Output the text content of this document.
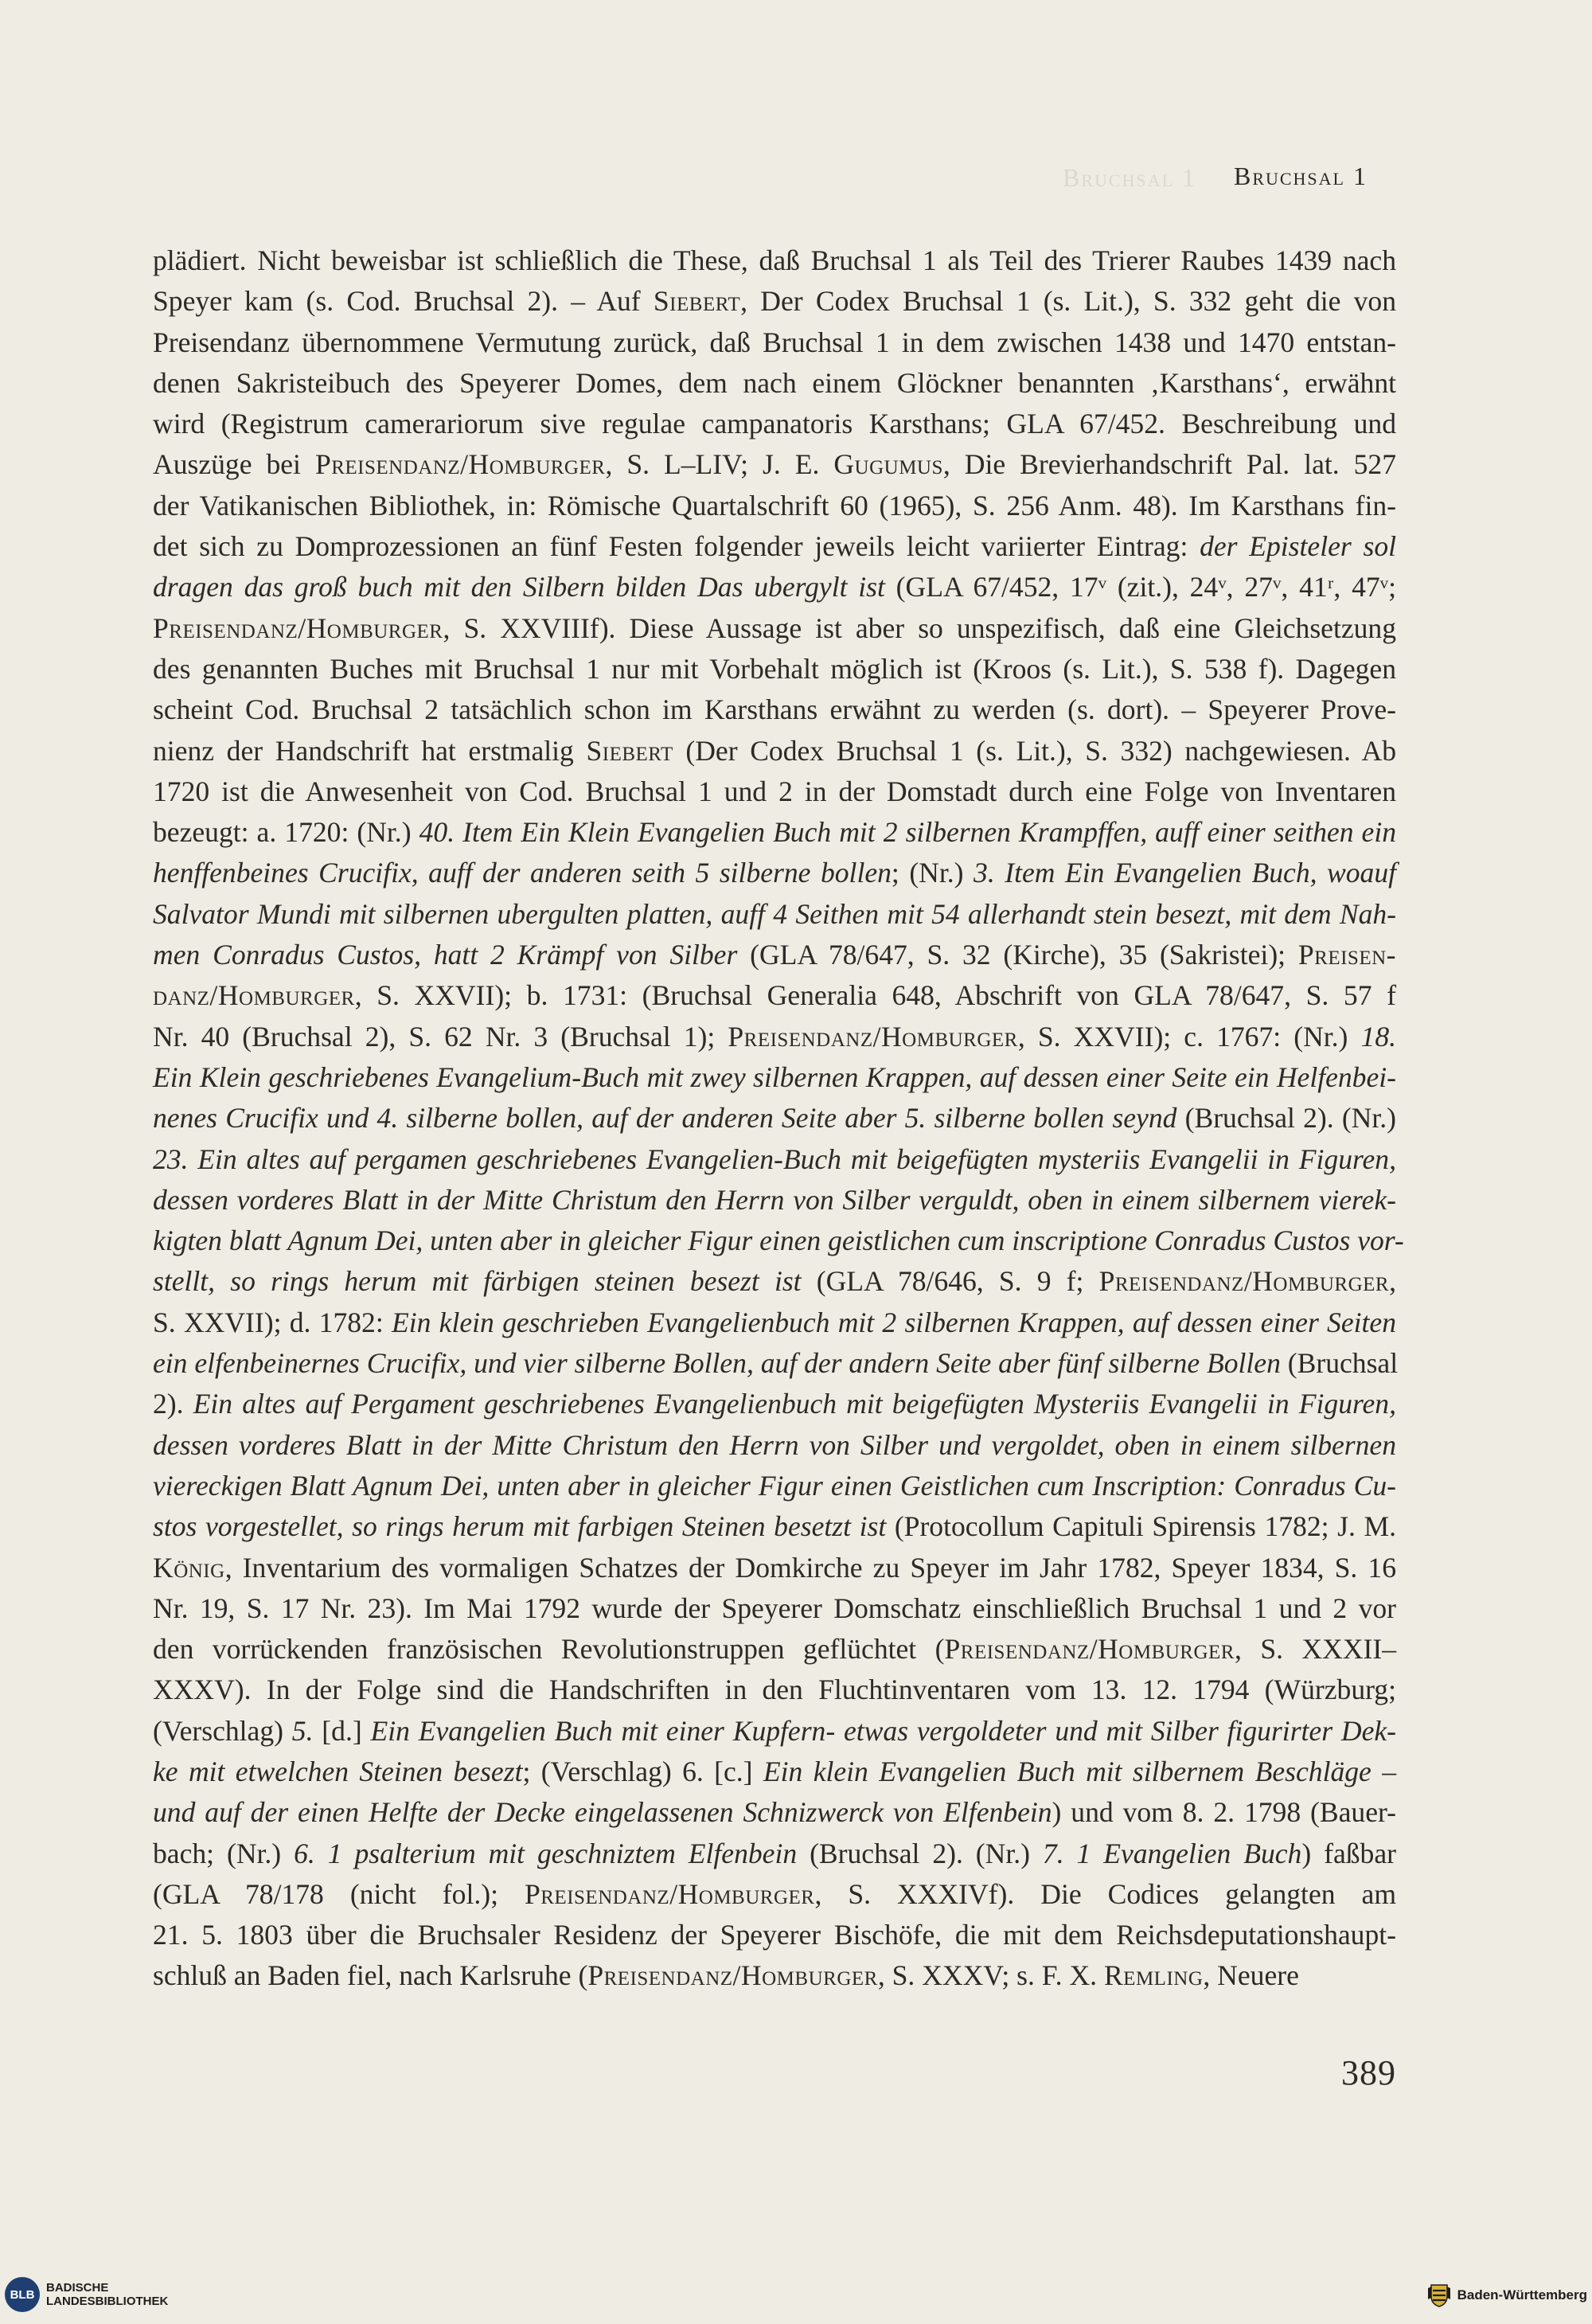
Bruchsal 1 Bruchsal 1
plädiert. Nicht beweisbar ist schließlich die These, daß Bruchsal 1 als Teil des Trierer Raubes 1439 nach
Speyer kam (s. Cod. Bruchsal 2). – Auf Siebert, Der Codex Bruchsal 1 (s. Lit.), S. 332 geht die von
Preisendanz übernommene Vermutung zurück, daß Bruchsal 1 in dem zwischen 1438 und 1470 entstan-
denen Sakristeibuch des Speyerer Domes, dem nach einem Glöckner benannten ‚Karsthans‘, erwähnt
wird (Registrum camerariorum sive regulae campanatoris Karsthans; GLA 67/452. Beschreibung und
Auszüge bei Preisendanz/Homburger, S. L–LIV; J. E. Gugumus, Die Brevierhandschrift Pal. lat. 527
der Vatikanischen Bibliothek, in: Römische Quartalschrift 60 (1965), S. 256 Anm. 48). Im Karsthans fin-
det sich zu Domprozessionen an fünf Festen folgender jeweils leicht variierter Eintrag: der Episteler sol
dragen das groß buch mit den Silbern bilden Das ubergylt ist (GLA 67/452, 17ᵛ (zit.), 24ᵛ, 27ᵛ, 41ʳ, 47ᵛ;
Preisendanz/Homburger, S. XXVIIIf). Diese Aussage ist aber so unspezifisch, daß eine Gleichsetzung
des genannten Buches mit Bruchsal 1 nur mit Vorbehalt möglich ist (Kroos (s. Lit.), S. 538 f). Dagegen
scheint Cod. Bruchsal 2 tatsächlich schon im Karsthans erwähnt zu werden (s. dort). – Speyerer Prove-
nienz der Handschrift hat erstmalig Siebert (Der Codex Bruchsal 1 (s. Lit.), S. 332) nachgewiesen. Ab
1720 ist die Anwesenheit von Cod. Bruchsal 1 und 2 in der Domstadt durch eine Folge von Inventaren
bezeugt: a. 1720: (Nr.) 40. Item Ein Klein Evangelien Buch mit 2 silbernen Krampffen, auff einer seithen ein
henffenbeines Crucifix, auff der anderen seith 5 silberne bollen; (Nr.) 3. Item Ein Evangelien Buch, woauf
Salvator Mundi mit silbernen ubergulten platten, auff 4 Seithen mit 54 allerhandt stein besezt, mit dem Nah-
men Conradus Custos, hatt 2 Krämpf von Silber (GLA 78/647, S. 32 (Kirche), 35 (Sakristei); Preisen-
danz/Homburger, S. XXVII); b. 1731: (Bruchsal Generalia 648, Abschrift von GLA 78/647, S. 57 f
Nr. 40 (Bruchsal 2), S. 62 Nr. 3 (Bruchsal 1); Preisendanz/Homburger, S. XXVII); c. 1767: (Nr.) 18.
Ein Klein geschriebenes Evangelium-Buch mit zwey silbernen Krappen, auf dessen einer Seite ein Helfenbei-
nenes Crucifix und 4. silberne bollen, auf der anderen Seite aber 5. silberne bollen seynd (Bruchsal 2). (Nr.)
23. Ein altes auf pergamen geschriebenes Evangelien-Buch mit beigefügten mysteriis Evangelii in Figuren,
dessen vorderes Blatt in der Mitte Christum den Herrn von Silber verguldt, oben in einem silbernem vierek-
kigten blatt Agnum Dei, unten aber in gleicher Figur einen geistlichen cum inscriptione Conradus Custos vor-
stellt, so rings herum mit färbigen steinen besezt ist (GLA 78/646, S. 9 f; Preisendanz/Homburger,
S. XXVII); d. 1782: Ein klein geschrieben Evangelienbuch mit 2 silbernen Krappen, auf dessen einer Seiten
ein elfenbeinernes Crucifix, und vier silberne Bollen, auf der andern Seite aber fünf silberne Bollen (Bruchsal
2). Ein altes auf Pergament geschriebenes Evangelienbuch mit beigefügten Mysteriis Evangelii in Figuren,
dessen vorderes Blatt in der Mitte Christum den Herrn von Silber und vergoldet, oben in einem silbernen
viereckigen Blatt Agnum Dei, unten aber in gleicher Figur einen Geistlichen cum Inscription: Conradus Cu-
stos vorgestellet, so rings herum mit farbigen Steinen besetzt ist (Protocollum Capituli Spirensis 1782; J. M.
König, Inventarium des vormaligen Schatzes der Domkirche zu Speyer im Jahr 1782, Speyer 1834, S. 16
Nr. 19, S. 17 Nr. 23). Im Mai 1792 wurde der Speyerer Domschatz einschließlich Bruchsal 1 und 2 vor
den vorrückenden französischen Revolutionstruppen geflüchtet (Preisendanz/Homburger, S. XXXII–
XXXV). In der Folge sind die Handschriften in den Fluchtinventaren vom 13. 12. 1794 (Würzburg;
(Verschlag) 5. [d.] Ein Evangelien Buch mit einer Kupfern- etwas vergoldeter und mit Silber figurirter Dek-
ke mit etwelchen Steinen besezt; (Verschlag) 6. [c.] Ein klein Evangelien Buch mit silbernem Beschläge –
und auf der einen Helfte der Decke eingelassenen Schnizwerck von Elfenbein) und vom 8. 2. 1798 (Bauer-
bach; (Nr.) 6. 1 psalterium mit geschniztem Elfenbein (Bruchsal 2). (Nr.) 7. 1 Evangelien Buch) faßbar
(GLA 78/178 (nicht fol.); Preisendanz/Homburger, S. XXXIVf). Die Codices gelangten am
21. 5. 1803 über die Bruchsaler Residenz der Speyerer Bischöfe, die mit dem Reichsdeputationshaupt-
schluß an Baden fiel, nach Karlsruhe (Preisendanz/Homburger, S. XXXV; s. F. X. Remling, Neuere
389
BLB BADISCHE
LANDESBIBLIOTHEK	Baden-Württemberg
